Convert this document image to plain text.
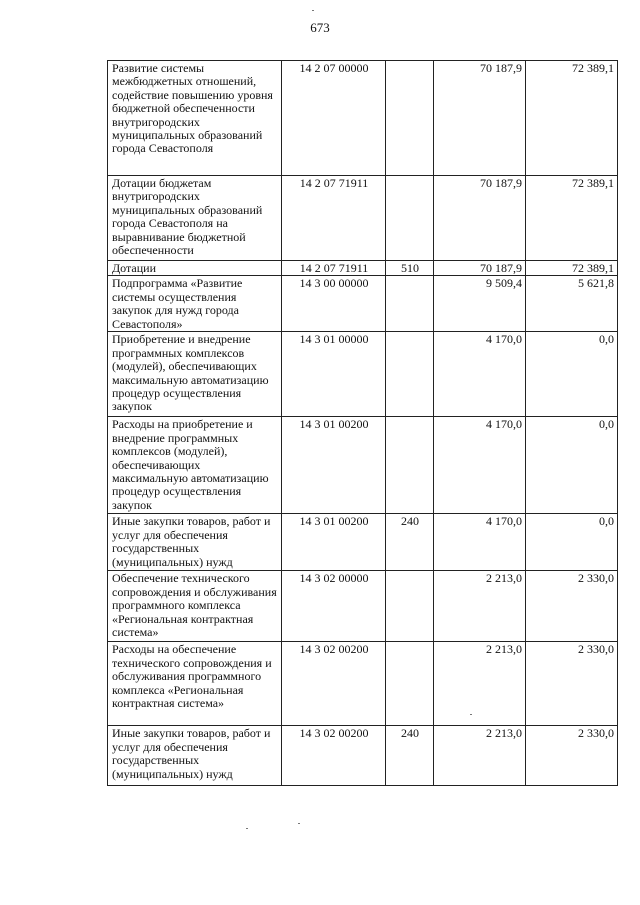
673
Развитие системы межбюджетных отношений, содействие повышению уровня бюджетной обеспеченности внутригородских муниципальных образований города Севастополя	14 2 07 00000		70 187,9	72 389,1
Дотации бюджетам внутригородских муниципальных образований города Севастополя на выравнивание бюджетной обеспеченности	14 2 07 71911		70 187,9	72 389,1
Дотации	14 2 07 71911	510	70 187,9	72 389,1
Подпрограмма «Развитие системы осуществления закупок для нужд города Севастополя»	14 3 00 00000		9 509,4	5 621,8
Приобретение и внедрение программных комплексов (модулей), обеспечивающих максимальную автоматизацию процедур осуществления закупок	14 3 01 00000		4 170,0	0,0
Расходы на приобретение и внедрение программных комплексов (модулей), обеспечивающих максимальную автоматизацию процедур осуществления закупок	14 3 01 00200		4 170,0	0,0
Иные закупки товаров, работ и услуг для обеспечения государственных (муниципальных) нужд	14 3 01 00200	240	4 170,0	0,0
Обеспечение технического сопровождения и обслуживания программного комплекса «Региональная контрактная система»	14 3 02 00000		2 213,0	2 330,0
Расходы на обеспечение технического сопровождения и обслуживания программного комплекса «Региональная контрактная система»	14 3 02 00200		2 213,0	2 330,0
Иные закупки товаров, работ и услуг для обеспечения государственных (муниципальных) нужд	14 3 02 00200	240	2 213,0	2 330,0
